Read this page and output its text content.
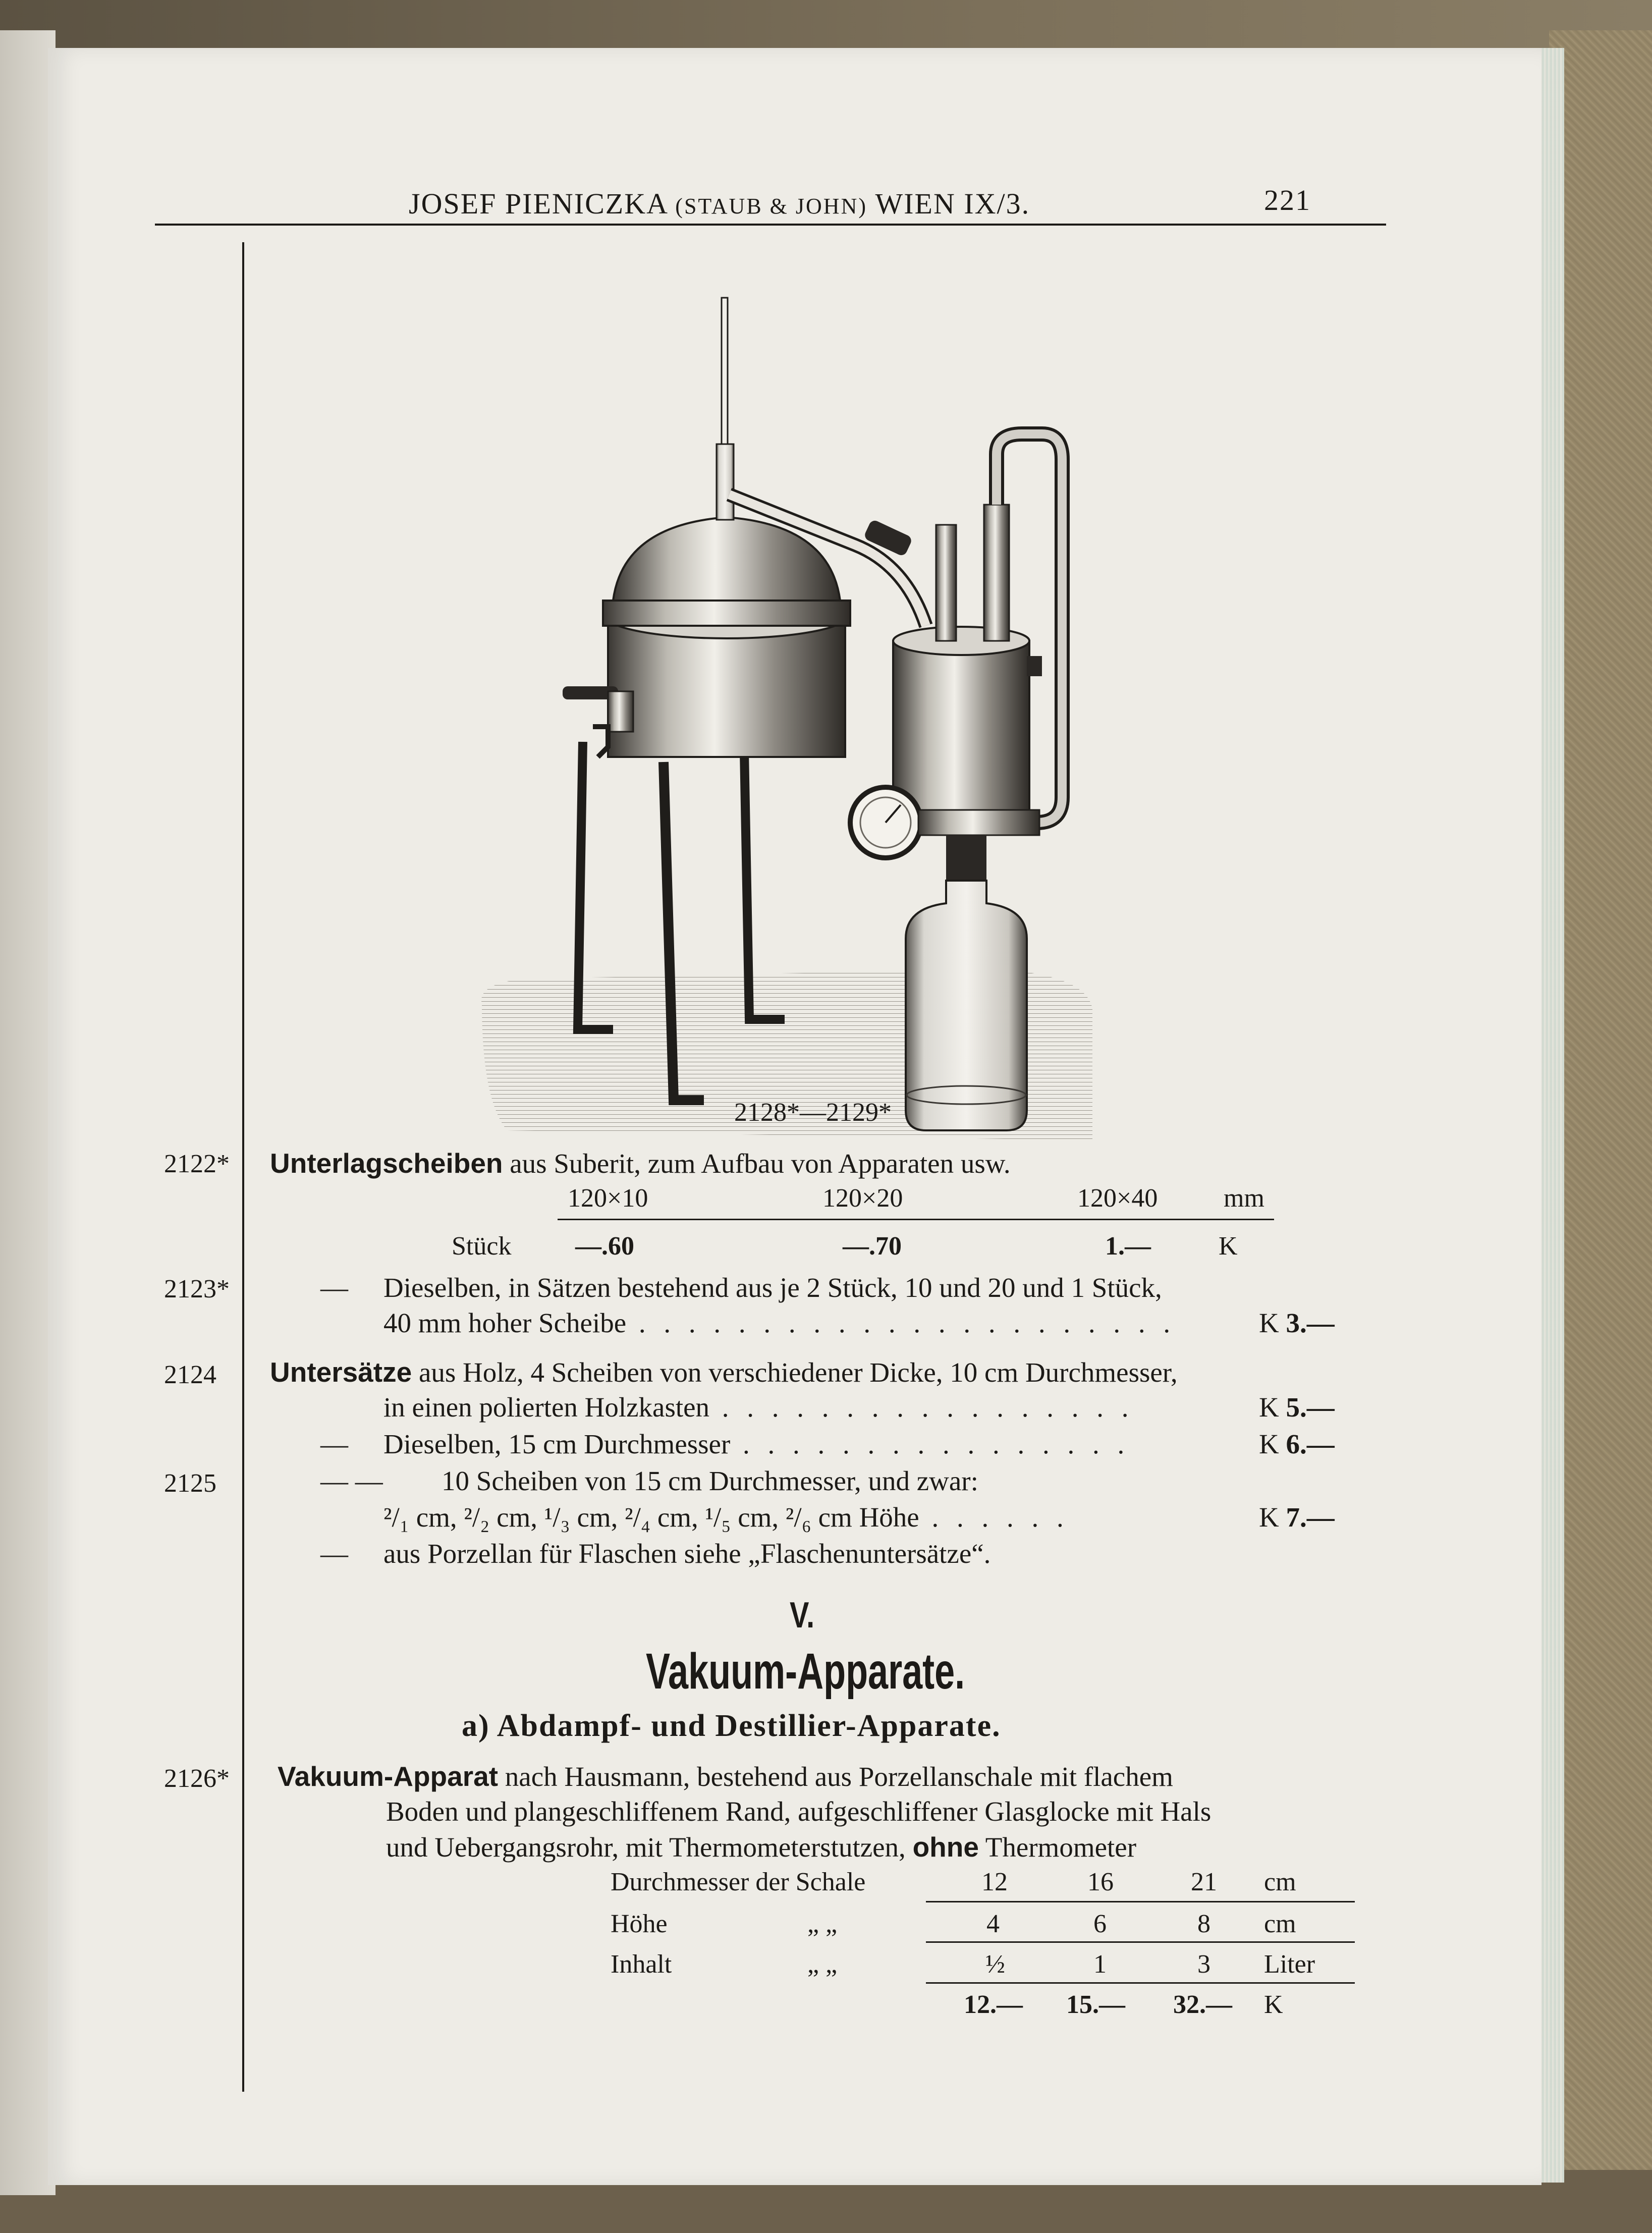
JOSEF PIENICZKA (STAUB & JOHN) WIEN IX/3.	221
2128*—2129*
2122* Unterlagscheiben aus Suberit, zum Aufbau von Apparaten usw.
120×10	120×20	120×40	mm
Stück —.60	—.70	1.—	K
2123*	— Dieselben, in Sätzen bestehend aus je 2 Stück, 10 und 20 und 1 Stück,
40 mm hoher Scheibe . . . . . . . . . . . . . . . . . . . . . .	K 3.—
2124 Untersätze aus Holz, 4 Scheiben von verschiedener Dicke, 10 cm Durchmesser,
in einen polierten Holzkasten . . . . . . . . . . . . . . . . .	K 5.—
— Dieselben, 15 cm Durchmesser . . . . . . . . . . . . . . . .	K 6.—
2125	— — 10 Scheiben von 15 cm Durchmesser, und zwar:
²/₁ cm, ²/₂ cm, ¹/₃ cm, ²/₄ cm, ¹/₅ cm, ²/₆ cm Höhe . . . . . .	K 7.—
— aus Porzellan für Flaschen siehe „Flaschenuntersätze“.
V.
Vakuum-Apparate.
a) Abdampf- und Destillier-Apparate.
2126* Vakuum-Apparat nach Hausmann, bestehend aus Porzellanschale mit flachem
Boden und plangeschliffenem Rand, aufgeschliffener Glasglocke mit Hals
und Uebergangsrohr, mit Thermometerstutzen, ohne Thermometer
Durchmesser der Schale	12	16	21 cm
Höhe	„ „	4	6	8 cm
Inhalt	„ „	½	1	3 Liter
12.— 15.— 32.— K
